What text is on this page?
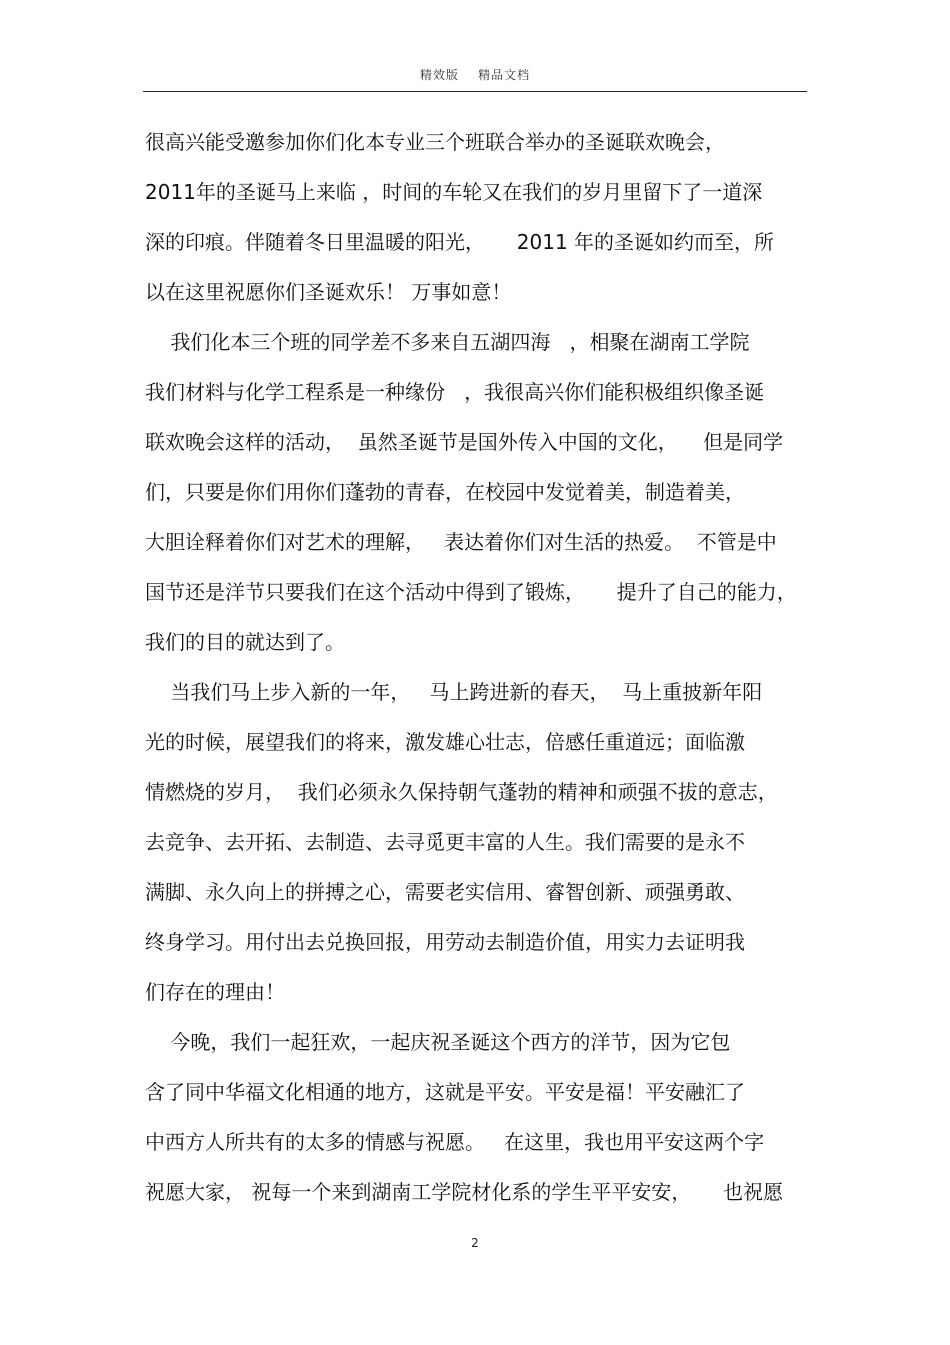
精效版    精品文档
很高兴能受邀参加你们化本专业三个班联合举办的圣诞联欢晚会，
2011年的圣诞马上来临 ，时间的车轮又在我们的岁月里留下了一道深
深的印痕。伴随着冬日里温暖的阳光，     2011 年的圣诞如约而至，所
以在这里祝愿你们圣诞欢乐！ 万事如意！
我们化本三个班的同学差不多来自五湖四海   ，相聚在湖南工学院
我们材料与化学工程系是一种缘份   ，我很高兴你们能积极组织像圣诞
联欢晚会这样的活动，  虽然圣诞节是国外传入中国的文化，    但是同学
们，只要是你们用你们蓬勃的青春，在校园中发觉着美，制造着美，
大胆诠释着你们对艺术的理解，   表达着你们对生活的热爱。  不管是中
国节还是洋节只要我们在这个活动中得到了锻炼，     提升了自己的能力，
我们的目的就达到了。
当我们马上步入新的一年，   马上跨进新的春天，  马上重披新年阳
光的时候，展望我们的将来，激发雄心壮志，倍感任重道远；面临激
情燃烧的岁月，  我们必须永久保持朝气蓬勃的精神和顽强不拔的意志，
去竞争、去开拓、去制造、去寻觅更丰富的人生。我们需要的是永不
满脚、永久向上的拼搏之心，需要老实信用、睿智创新、顽强勇敢、
终身学习。用付出去兑换回报，用劳动去制造价值，用实力去证明我
们存在的理由！
今晚，我们一起狂欢，一起庆祝圣诞这个西方的洋节，因为它包
含了同中华福文化相通的地方，这就是平安。平安是福！平安融汇了
中西方人所共有的太多的情感与祝愿。   在这里，我也用平安这两个字
祝愿大家， 祝每一个来到湖南工学院材化系的学生平平安安，     也祝愿
2
